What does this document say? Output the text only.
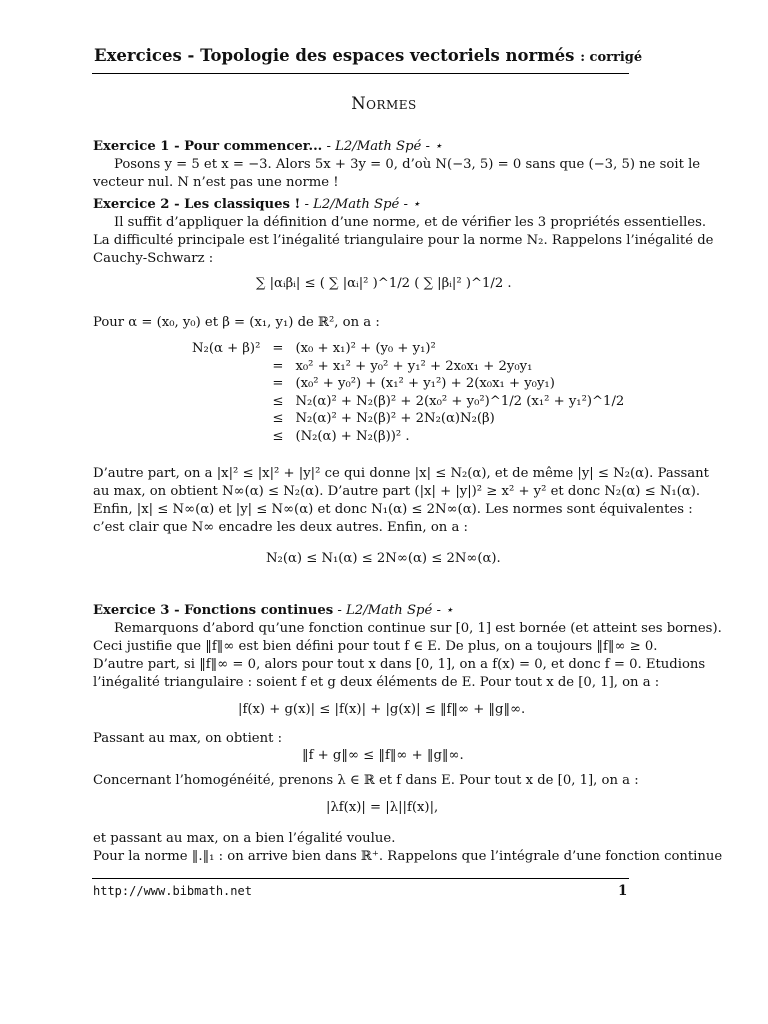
Exercices - Topologie des espaces vectoriels normés : corrigé
Normes
Exercice 1 - Pour commencer... - L2/Math Spé - ⋆
Posons y = 5 et x = −3. Alors 5x + 3y = 0, d’où N(−3, 5) = 0 sans que (−3, 5) ne soit le
vecteur nul. N n’est pas une norme !
Exercice 2 - Les classiques ! - L2/Math Spé - ⋆
Il suffit d’appliquer la définition d’une norme, et de vérifier les 3 propriétés essentielles.
La difficulté principale est l’inégalité triangulaire pour la norme N₂. Rappelons l’inégalité de
Cauchy-Schwarz :
∑ |αᵢβᵢ| ≤ ( ∑ |αᵢ|² )^1/2 ( ∑ |βᵢ|² )^1/2 .
Pour α = (x₀, y₀) et β = (x₁, y₁) de ℝ², on a :
N₂(α + β)²	=	(x₀ + x₁)² + (y₀ + y₁)²
	=	x₀² + x₁² + y₀² + y₁² + 2x₀x₁ + 2y₀y₁
	=	(x₀² + y₀²) + (x₁² + y₁²) + 2(x₀x₁ + y₀y₁)
	≤	N₂(α)² + N₂(β)² + 2(x₀² + y₀²)^1/2 (x₁² + y₁²)^1/2
	≤	N₂(α)² + N₂(β)² + 2N₂(α)N₂(β)
	≤	(N₂(α) + N₂(β))² .
D’autre part, on a |x|² ≤ |x|² + |y|² ce qui donne |x| ≤ N₂(α), et de même |y| ≤ N₂(α). Passant
au max, on obtient N∞(α) ≤ N₂(α). D’autre part (|x| + |y|)² ≥ x² + y² et donc N₂(α) ≤ N₁(α).
Enfin, |x| ≤ N∞(α) et |y| ≤ N∞(α) et donc N₁(α) ≤ 2N∞(α). Les normes sont équivalentes :
c’est clair que N∞ encadre les deux autres. Enfin, on a :
N₂(α) ≤ N₁(α) ≤ 2N∞(α) ≤ 2N∞(α).
Exercice 3 - Fonctions continues - L2/Math Spé - ⋆
Remarquons d’abord qu’une fonction continue sur [0, 1] est bornée (et atteint ses bornes).
Ceci justifie que ‖f‖∞ est bien défini pour tout f ∈ E. De plus, on a toujours ‖f‖∞ ≥ 0.
D’autre part, si ‖f‖∞ = 0, alors pour tout x dans [0, 1], on a f(x) = 0, et donc f = 0. Etudions
l’inégalité triangulaire : soient f et g deux éléments de E. Pour tout x de [0, 1], on a :
|f(x) + g(x)| ≤ |f(x)| + |g(x)| ≤ ‖f‖∞ + ‖g‖∞.
Passant au max, on obtient :
‖f + g‖∞ ≤ ‖f‖∞ + ‖g‖∞.
Concernant l’homogénéité, prenons λ ∈ ℝ et f dans E. Pour tout x de [0, 1], on a :
|λf(x)| = |λ||f(x)|,
et passant au max, on a bien l’égalité voulue.
Pour la norme ‖.‖₁ : on arrive bien dans ℝ⁺. Rappelons que l’intégrale d’une fonction continue
http://www.bibmath.net	1
